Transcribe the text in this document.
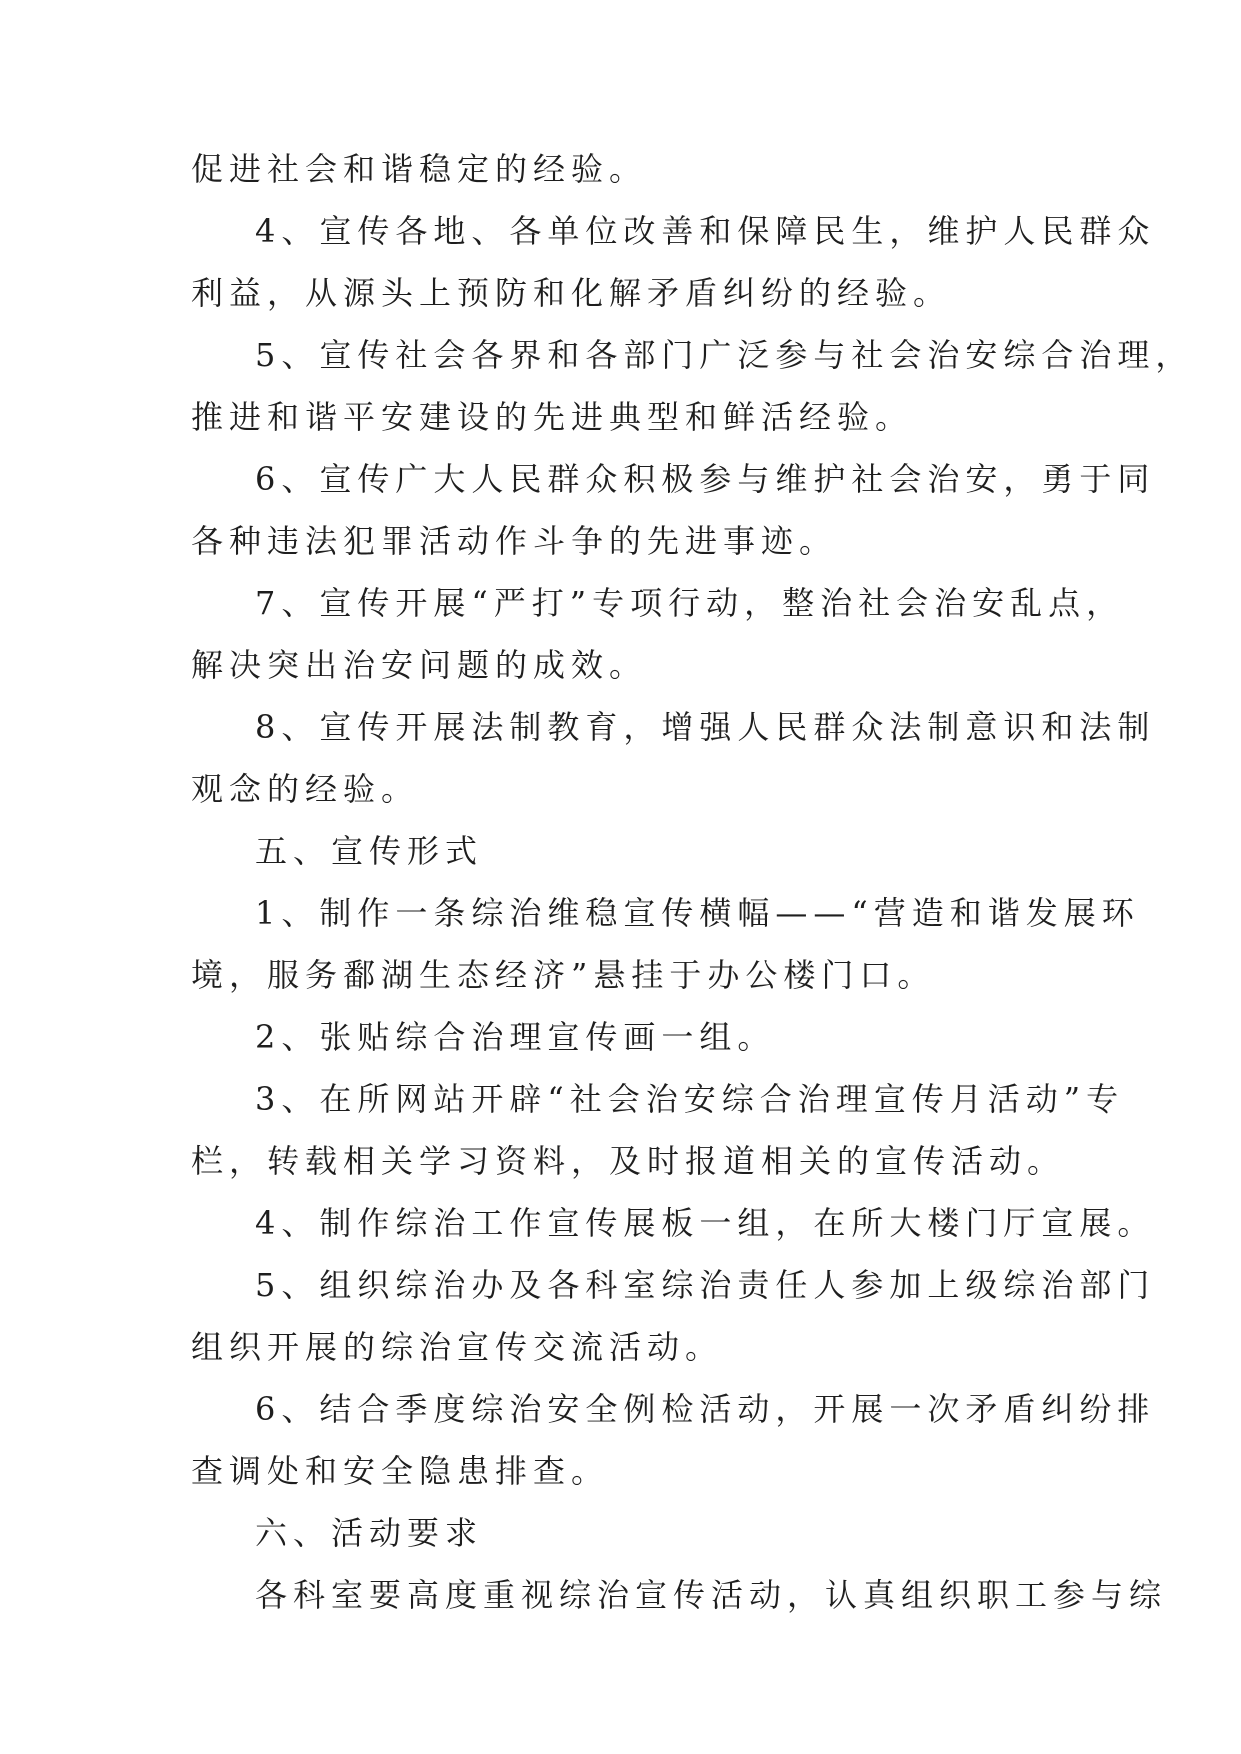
促进社会和谐稳定的经验。
4、宣传各地、各单位改善和保障民生，维护人民群众
利益，从源头上预防和化解矛盾纠纷的经验。
5、宣传社会各界和各部门广泛参与社会治安综合治理，
推进和谐平安建设的先进典型和鲜活经验。
6、宣传广大人民群众积极参与维护社会治安，勇于同
各种违法犯罪活动作斗争的先进事迹。
7、宣传开展“严打”专项行动，整治社会治安乱点，
解决突出治安问题的成效。
8、宣传开展法制教育，增强人民群众法制意识和法制
观念的经验。
五、宣传形式
1、制作一条综治维稳宣传横幅——“营造和谐发展环
境，服务鄱湖生态经济”悬挂于办公楼门口。
2、张贴综合治理宣传画一组。
3、在所网站开辟“社会治安综合治理宣传月活动”专
栏，转载相关学习资料，及时报道相关的宣传活动。
4、制作综治工作宣传展板一组，在所大楼门厅宣展。
5、组织综治办及各科室综治责任人参加上级综治部门
组织开展的综治宣传交流活动。
6、结合季度综治安全例检活动，开展一次矛盾纠纷排
查调处和安全隐患排查。
六、活动要求
各科室要高度重视综治宣传活动，认真组织职工参与综
